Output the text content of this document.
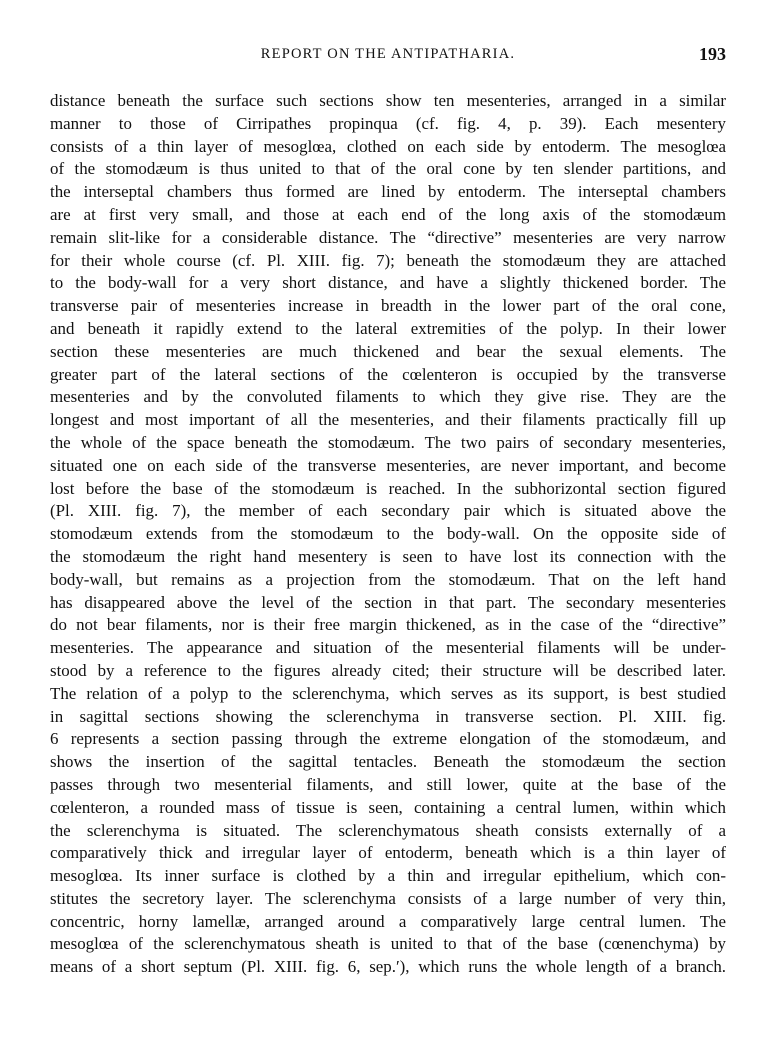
REPORT ON THE ANTIPATHARIA.	193
distance beneath the surface such sections show ten mesenteries, arranged in a similar
manner to those of Cirripathes propinqua (cf. fig. 4, p. 39). Each mesentery
consists of a thin layer of mesoglœa, clothed on each side by entoderm. The mesoglœa
of the stomodæum is thus united to that of the oral cone by ten slender partitions, and
the interseptal chambers thus formed are lined by entoderm. The interseptal chambers
are at first very small, and those at each end of the long axis of the stomodæum
remain slit-like for a considerable distance. The “directive” mesenteries are very narrow
for their whole course (cf. Pl. XIII. fig. 7); beneath the stomodæum they are attached
to the body-wall for a very short distance, and have a slightly thickened border. The
transverse pair of mesenteries increase in breadth in the lower part of the oral cone,
and beneath it rapidly extend to the lateral extremities of the polyp. In their lower
section these mesenteries are much thickened and bear the sexual elements. The
greater part of the lateral sections of the cœlenteron is occupied by the transverse
mesenteries and by the convoluted filaments to which they give rise. They are the
longest and most important of all the mesenteries, and their filaments practically fill up
the whole of the space beneath the stomodæum. The two pairs of secondary mesenteries,
situated one on each side of the transverse mesenteries, are never important, and become
lost before the base of the stomodæum is reached. In the subhorizontal section figured
(Pl. XIII. fig. 7), the member of each secondary pair which is situated above the
stomodæum extends from the stomodæum to the body-wall. On the opposite side of
the stomodæum the right hand mesentery is seen to have lost its connection with the
body-wall, but remains as a projection from the stomodæum. That on the left hand
has disappeared above the level of the section in that part. The secondary mesenteries
do not bear filaments, nor is their free margin thickened, as in the case of the “directive”
mesenteries. The appearance and situation of the mesenterial filaments will be under-
stood by a reference to the figures already cited; their structure will be described later.
The relation of a polyp to the sclerenchyma, which serves as its support, is best studied
in sagittal sections showing the sclerenchyma in transverse section. Pl. XIII. fig.
6 represents a section passing through the extreme elongation of the stomodæum, and
shows the insertion of the sagittal tentacles. Beneath the stomodæum the section
passes through two mesenterial filaments, and still lower, quite at the base of the
cœlenteron, a rounded mass of tissue is seen, containing a central lumen, within which
the sclerenchyma is situated. The sclerenchymatous sheath consists externally of a
comparatively thick and irregular layer of entoderm, beneath which is a thin layer of
mesoglœa. Its inner surface is clothed by a thin and irregular epithelium, which con-
stitutes the secretory layer. The sclerenchyma consists of a large number of very thin,
concentric, horny lamellæ, arranged around a comparatively large central lumen. The
mesoglœa of the sclerenchymatous sheath is united to that of the base (cœnenchyma) by
means of a short septum (Pl. XIII. fig. 6, sep.′), which runs the whole length of a branch.
